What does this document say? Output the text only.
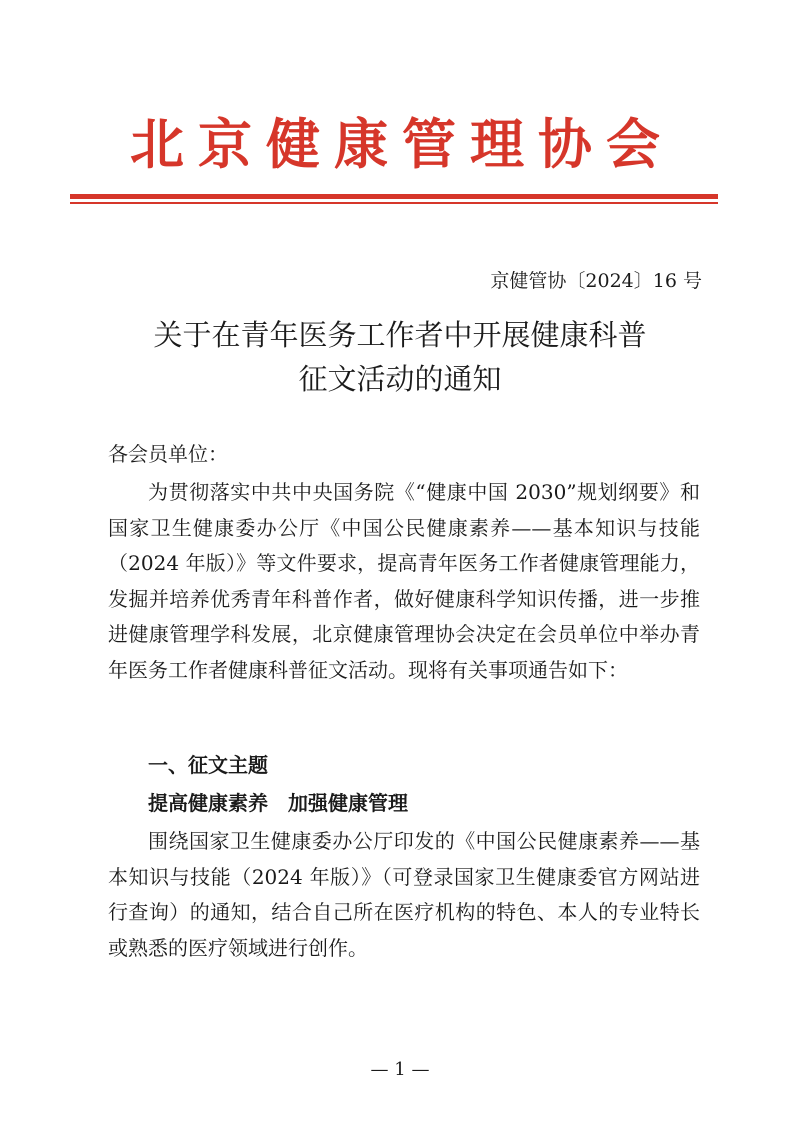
北 京 健 康 管 理 协 会
京健管协〔2024〕16 号
关于在青年医务工作者中开展健康科普
征文活动的通知
各会员单位：
为贯彻落实中共中央国务院《“健康中国 2030”规划纲要》和国家卫生健康委办公厅《中国公民健康素养——基本知识与技能（2024 年版）》等文件要求，提高青年医务工作者健康管理能力，发掘并培养优秀青年科普作者，做好健康科学知识传播，进一步推进健康管理学科发展，北京健康管理协会决定在会员单位中举办青年医务工作者健康科普征文活动。现将有关事项通告如下：
一、征文主题
提高健康素养　加强健康管理
围绕国家卫生健康委办公厅印发的《中国公民健康素养——基本知识与技能（2024 年版）》（可登录国家卫生健康委官方网站进行查询）的通知，结合自己所在医疗机构的特色、本人的专业特长或熟悉的医疗领域进行创作。
— 1 —
